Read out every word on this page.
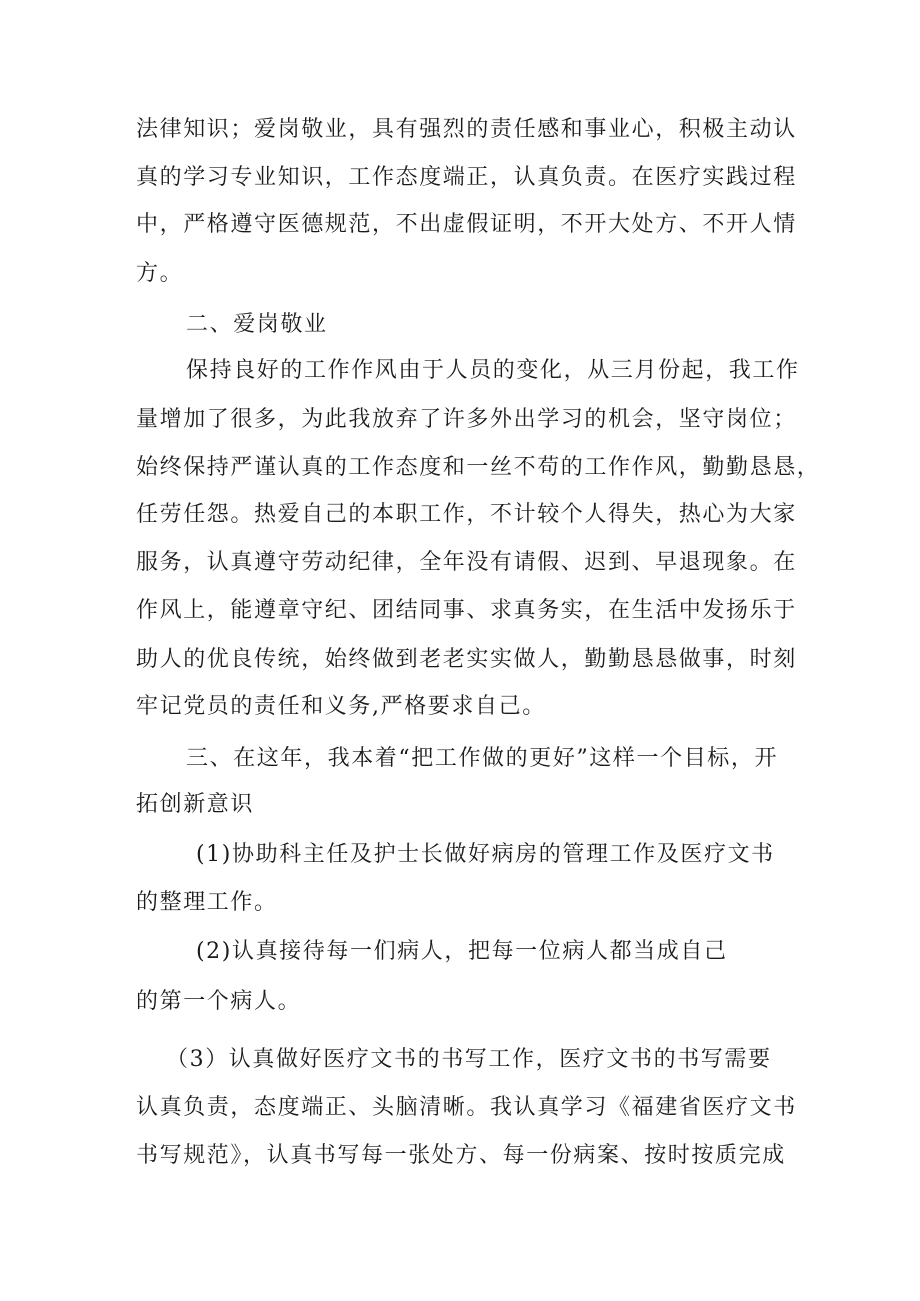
法律知识；爱岗敬业，具有强烈的责任感和事业心，积极主动认
真的学习专业知识，工作态度端正，认真负责。在医疗实践过程
中，严格遵守医德规范，不出虚假证明，不开大处方、不开人情
方。
二、爱岗敬业
保持良好的工作作风由于人员的变化，从三月份起，我工作
量增加了很多，为此我放弃了许多外出学习的机会，坚守岗位；
始终保持严谨认真的工作态度和一丝不苟的工作作风，勤勤恳恳，
任劳任怨。热爱自己的本职工作，不计较个人得失，热心为大家
服务，认真遵守劳动纪律，全年没有请假、迟到、早退现象。在
作风上，能遵章守纪、团结同事、求真务实，在生活中发扬乐于
助人的优良传统，始终做到老老实实做人，勤勤恳恳做事，时刻
牢记党员的责任和义务,严格要求自己。
三、在这年，我本着“把工作做的更好”这样一个目标，开
拓创新意识
(1)协助科主任及护士长做好病房的管理工作及医疗文书
的整理工作。
(2)认真接待每一们病人，把每一位病人都当成自己
的第一个病人。
（3）认真做好医疗文书的书写工作，医疗文书的书写需要
认真负责，态度端正、头脑清晰。我认真学习《福建省医疗文书
书写规范》，认真书写每一张处方、每一份病案、按时按质完成
